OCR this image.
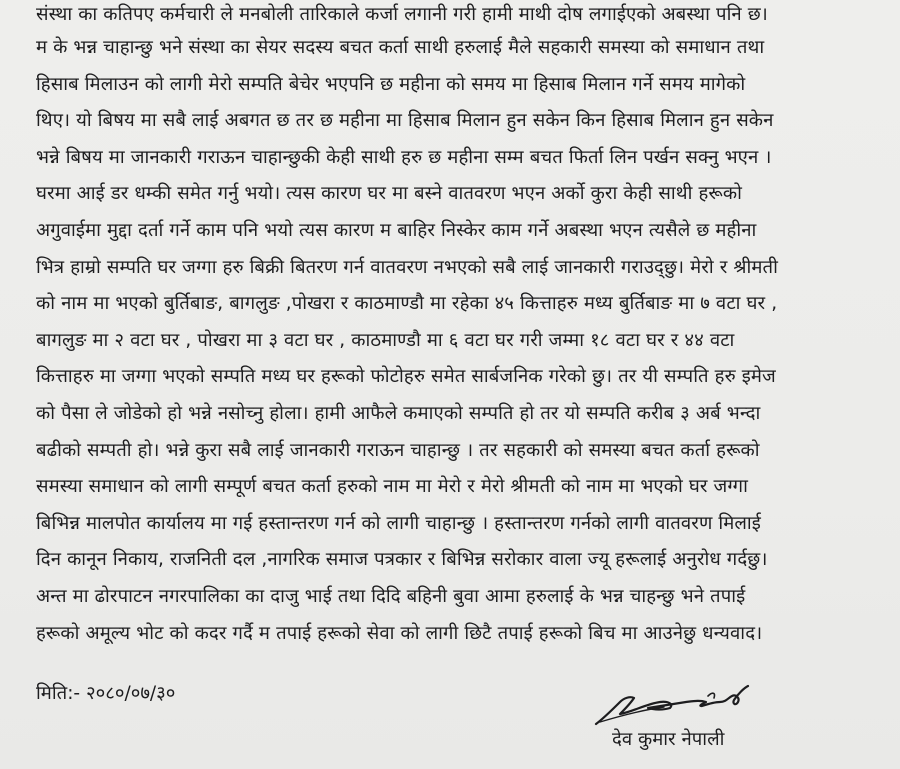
संस्था का कतिपए कर्मचारी ले मनबोली तारिकाले कर्जा लगानी गरी हामी माथी दोष लगाईएको अबस्था पनि छ।
म के भन्न चाहान्छु भने संस्था का सेयर सदस्य बचत कर्ता साथी हरुलाई मैले सहकारी समस्या को समाधान तथा
हिसाब मिलाउन को लागी मेरो सम्पति बेचेर भएपनि छ महीना को समय मा हिसाब मिलान गर्ने समय मागेको
थिए। यो बिषय मा सबै लाई अबगत छ तर छ महीना मा हिसाब मिलान हुन सकेन किन हिसाब मिलान हुन सकेन
भन्ने बिषय मा जानकारी गराऊन चाहान्छुकी केही साथी हरु छ महीना सम्म बचत फिर्ता लिन पर्खन सक्नु भएन ।
घरमा आई डर धम्की समेत गर्नु भयो। त्यस कारण घर मा बस्ने वातवरण भएन अर्को कुरा केही साथी हरूको
अगुवाईमा मुद्दा दर्ता गर्ने काम पनि भयो त्यस कारण म बाहिर निस्केर काम गर्ने अबस्था भएन त्यसैले छ महीना
भित्र हाम्रो सम्पति घर जग्गा हरु बिक्री बितरण गर्न वातवरण नभएको सबै लाई जानकारी गराउद्छु। मेरो र श्रीमती
को नाम मा भएको बुर्तिबाङ, बागलुङ ,पोखरा र काठमाण्डौ मा रहेका ४५ कित्ताहरु मध्य बुर्तिबाङ मा ७ वटा घर ,
बागलुङ मा २ वटा घर , पोखरा मा ३ वटा घर , काठमाण्डौ मा ६ वटा घर गरी जम्मा १८ वटा घर र ४४ वटा
कित्ताहरु मा जग्गा भएको सम्पति मध्य घर हरूको फोटोहरु समेत सार्बजनिक गरेको छु। तर यी सम्पति हरु इमेज
को पैसा ले जोडेको हो भन्ने नसोच्नु होला। हामी आफैले कमाएको सम्पति हो तर यो सम्पति करीब ३ अर्ब भन्दा
बढीको सम्पती हो। भन्ने कुरा सबै लाई जानकारी गराऊन चाहान्छु । तर सहकारी को समस्या बचत कर्ता हरूको
समस्या समाधान को लागी सम्पूर्ण बचत कर्ता हरुको नाम मा मेरो र मेरो श्रीमती को नाम मा भएको घर जग्गा
बिभिन्न मालपोत कार्यालय मा गई हस्तान्तरण गर्न को लागी चाहान्छु । हस्तान्तरण गर्नको लागी वातवरण मिलाई
दिन कानून निकाय, राजनिती दल ,नागरिक समाज पत्रकार र बिभिन्न सरोकार वाला ज्यू हरूलाई अनुरोध गर्दछु।
अन्त मा ढोरपाटन नगरपालिका का दाजु भाई तथा दिदि बहिनी बुवा आमा हरुलाई के भन्न चाहन्छु भने तपाई
हरूको अमूल्य भोट को कदर गर्दै म तपाई हरूको सेवा को लागी छिटै तपाई हरूको बिच मा आउनेछु धन्यवाद।
मिति:- २०८०/०७/३०
देव कुमार नेपाली
